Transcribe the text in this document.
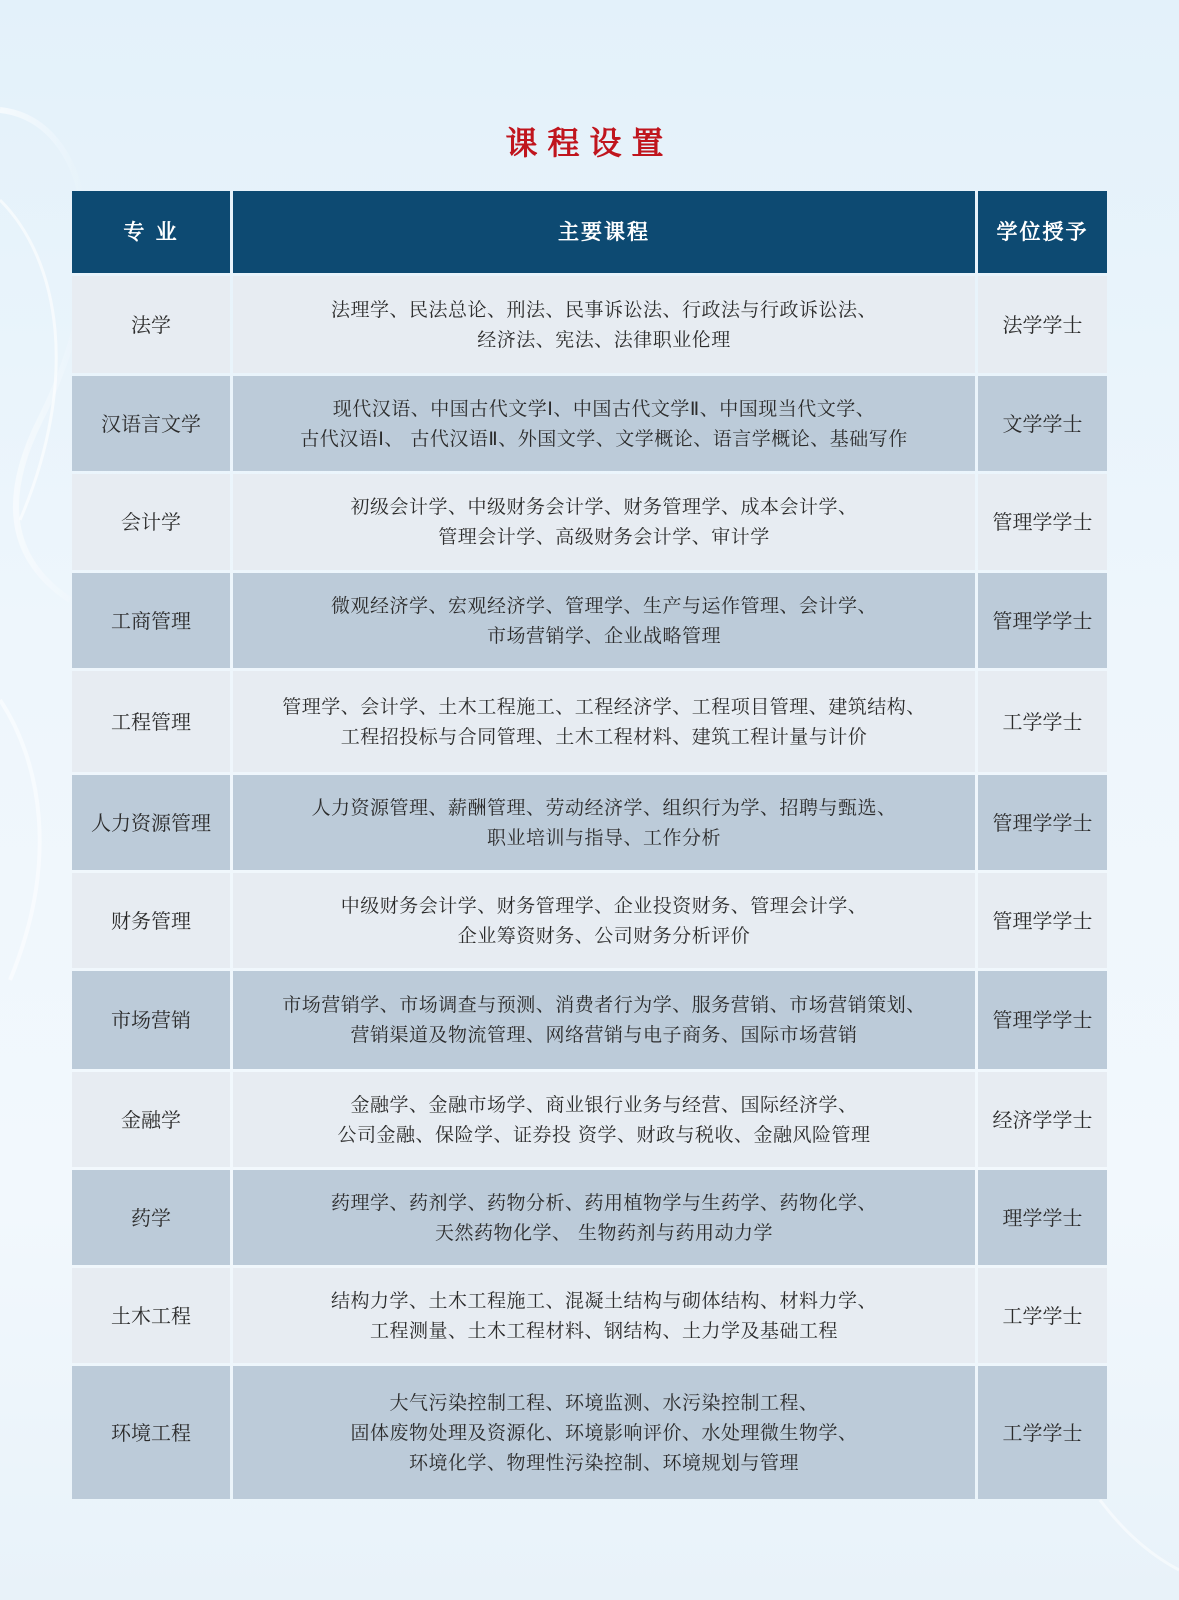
课程设置
专 业	主要课程	学位授予
法学
法理学、民法总论、刑法、民事诉讼法、行政法与行政诉讼法、
经济法、宪法、法律职业伦理
法学学士
汉语言文学
现代汉语、中国古代文学Ⅰ、中国古代文学Ⅱ、中国现当代文学、
古代汉语Ⅰ、 古代汉语Ⅱ、外国文学、文学概论、语言学概论、基础写作
文学学士
会计学
初级会计学、中级财务会计学、财务管理学、成本会计学、
管理会计学、高级财务会计学、审计学
管理学学士
工商管理
微观经济学、宏观经济学、管理学、生产与运作管理、会计学、
市场营销学、企业战略管理
管理学学士
工程管理
管理学、会计学、土木工程施工、工程经济学、工程项目管理、建筑结构、
工程招投标与合同管理、土木工程材料、建筑工程计量与计价
工学学士
人力资源管理
人力资源管理、薪酬管理、劳动经济学、组织行为学、招聘与甄选、
职业培训与指导、工作分析
管理学学士
财务管理
中级财务会计学、财务管理学、企业投资财务、管理会计学、
企业筹资财务、公司财务分析评价
管理学学士
市场营销
市场营销学、市场调查与预测、消费者行为学、服务营销、市场营销策划、
营销渠道及物流管理、网络营销与电子商务、国际市场营销
管理学学士
金融学
金融学、金融市场学、商业银行业务与经营、国际经济学、
公司金融、保险学、证券投 资学、财政与税收、金融风险管理
经济学学士
药学
药理学、药剂学、药物分析、药用植物学与生药学、药物化学、
天然药物化学、 生物药剂与药用动力学
理学学士
土木工程
结构力学、土木工程施工、混凝土结构与砌体结构、材料力学、
工程测量、土木工程材料、钢结构、土力学及基础工程
工学学士
环境工程
大气污染控制工程、环境监测、水污染控制工程、
固体废物处理及资源化、环境影响评价、水处理微生物学、
环境化学、物理性污染控制、环境规划与管理
工学学士
